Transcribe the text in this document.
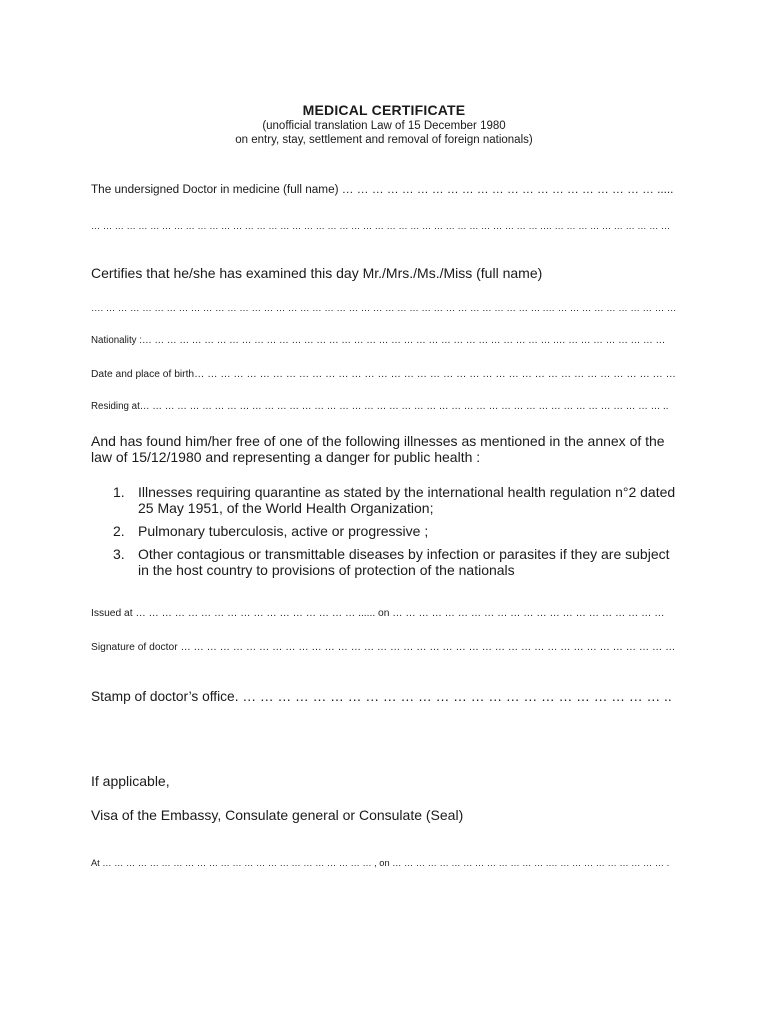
MEDICAL CERTIFICATE
(unofficial translation Law of 15 December 1980
on entry, stay, settlement and removal of foreign nationals)
The undersigned Doctor in medicine (full name) … … … … … … … … … … … … … … … … … … … … … .....
… … … … … … … … … … … … … … … … … … … … … … … … … … … … … … … … … … … … … … .… … … … … … … … … … …
Certifies that he/she has examined this day Mr./Mrs./Ms./Miss (full name)
…. … … … … … … … … … … … … … … … … … … … … … … … … … … … … … … … … … … … … .… … … … … … … … … … …
Nationality :… … … … … … … … … … … … … … … … … … … … … … … … … … … … … … … … … .… … … … … … … … …
Date and place of birth… … … … … … … … … … … … … … … … … … … … … … … … … … … … … … … … … … … … …
Residing at… … … … … … … … … … … … … … … … … … … … … … … … … … … … … … … … … … … … … … … … … … ..
And has found him/her free of one of the following illnesses as mentioned in the annex of the law of 15/12/1980 and representing a danger for public health :
1. Illnesses requiring quarantine as stated by the international health regulation n°2 dated 25 May 1951, of the World Health Organization;
2. Pulmonary tuberculosis, active or progressive ;
3. Other contagious or transmittable diseases by infection or parasites if they are subject in the host country to provisions of protection of the nationals
Issued at … … … … … … … … … … … … … … … … … ...... on … … … … … … … … … … … … … … … … … … … … …
Signature of doctor … … … … … … … … … … … … … … … … … … … … … … … … … … … … … … … … … … … … … …
Stamp of doctor’s office. … … … … … … … … … … … … … … … … … … … … … … … … ..
If applicable,
Visa of the Embassy, Consulate general or Consulate (Seal)
At … … … … … … … … … … … … … … … … … … … … … … … , on … … … … … … … … … … … … … .… … … … … … … … … … .
